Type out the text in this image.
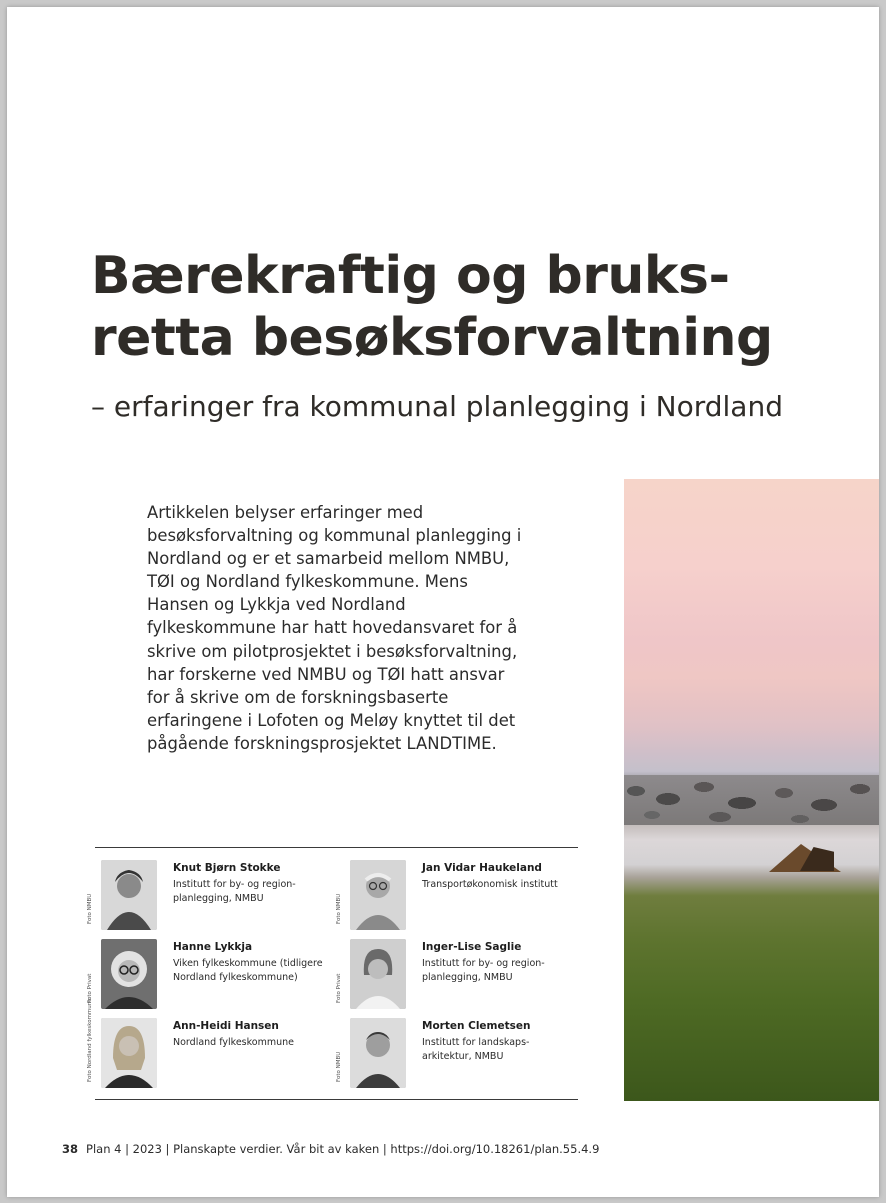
Bærekraftig og bruks-
retta besøksforvaltning
– erfaringer fra kommunal planlegging i Nordland

Artikkelen belyser erfaringer med besøksforvaltning og kommunal planlegging i Nordland og er et samarbeid mellom NMBU, TØI og Nordland fylkeskommune. Mens Hansen og Lykkja ved Nordland fylkeskommune har hatt hovedansvaret for å skrive om pilotprosjektet i besøksforvaltning, har forskerne ved NMBU og TØI hatt ansvar for å skrive om de forskningsbaserte erfaringene i Lofoten og Meløy knyttet til det pågående forskningsprosjektet LANDTIME.

Foto NMBU
Knut Bjørn Stokke
Institutt for by- og region-planlegging, NMBU
Foto Privat
Hanne Lykkja
Viken fylkeskommune (tidligere Nordland fylkeskommune)
Foto Nordland fylkeskommune	Ann-Heidi Hansen
Nordland fylkeskommune
Foto NMBU
Jan Vidar Haukeland
Transportøkonomisk institutt
Foto Privat
Inger-Lise Saglie
Institutt for by- og region-planlegging, NMBU
Foto NMBU
Morten Clemetsen
Institutt for landskaps-arkitektur, NMBU
38 Plan 4 | 2023 | Planskapte verdier. Vår bit av kaken | https://doi.org/10.18261/plan.55.4.9
